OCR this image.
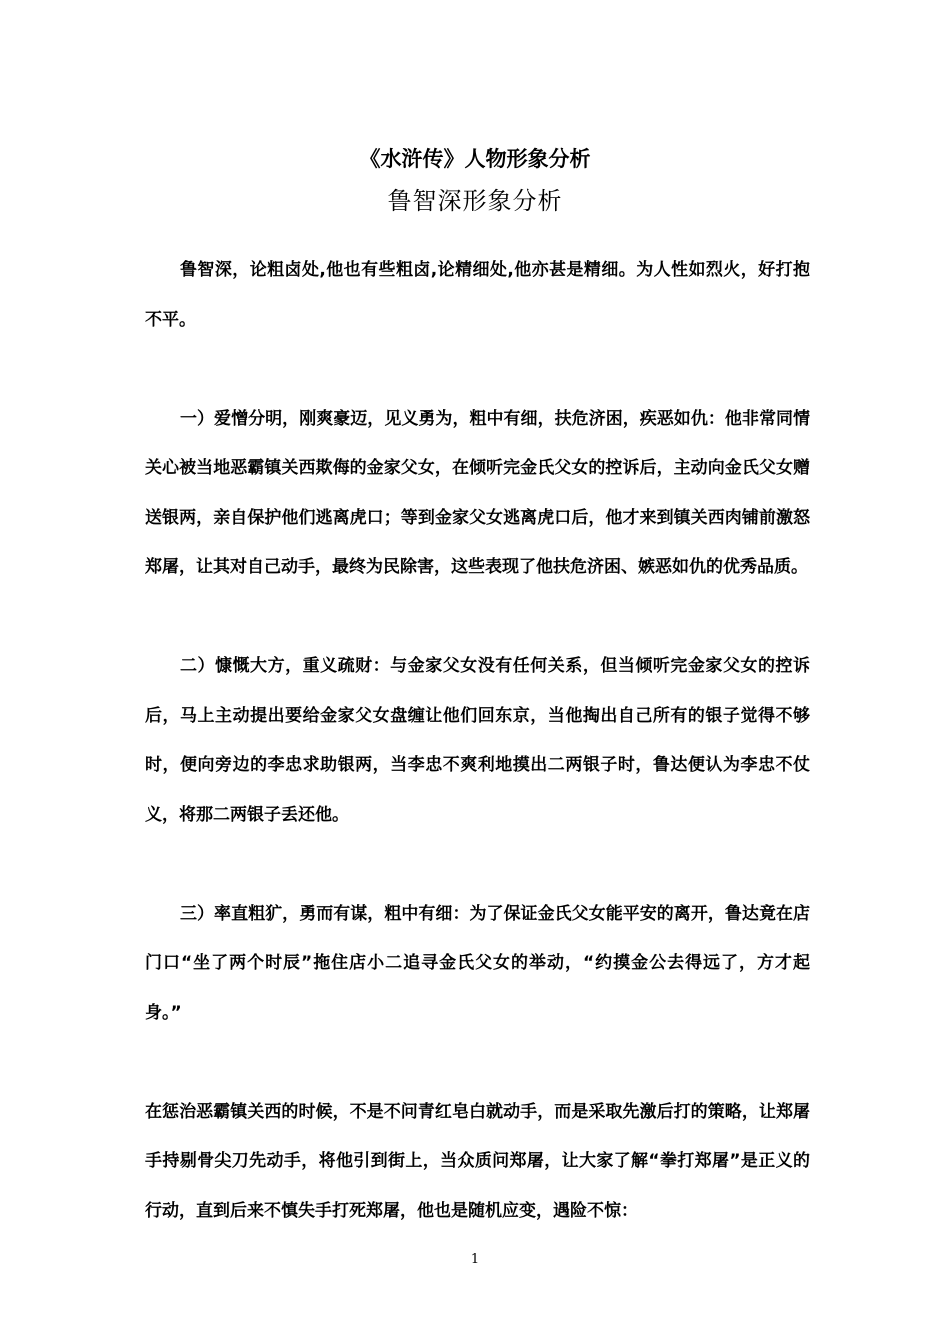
《水浒传》人物形象分析
鲁智深形象分析

鲁智深，论粗卤处,他也有些粗卤,论精细处,他亦甚是精细。为人性如烈火，好打抱不平。

一）爱憎分明，刚爽豪迈，见义勇为，粗中有细，扶危济困，疾恶如仇：他非常同情关心被当地恶霸镇关西欺侮的金家父女，在倾听完金氏父女的控诉后，主动向金氏父女赠送银两，亲自保护他们逃离虎口；等到金家父女逃离虎口后，他才来到镇关西肉铺前激怒郑屠，让其对自己动手，最终为民除害，这些表现了他扶危济困、嫉恶如仇的优秀品质。

二）慷慨大方，重义疏财：与金家父女没有任何关系，但当倾听完金家父女的控诉后，马上主动提出要给金家父女盘缠让他们回东京，当他掏出自己所有的银子觉得不够时，便向旁边的李忠求助银两，当李忠不爽利地摸出二两银子时，鲁达便认为李忠不仗义，将那二两银子丢还他。

三）率直粗犷，勇而有谋，粗中有细：为了保证金氏父女能平安的离开，鲁达竟在店门口“坐了两个时辰”拖住店小二追寻金氏父女的举动，“约摸金公去得远了，方才起身。”

在惩治恶霸镇关西的时候，不是不问青红皂白就动手，而是采取先激后打的策略，让郑屠手持剔骨尖刀先动手，将他引到街上，当众质问郑屠，让大家了解“拳打郑屠”是正义的行动，直到后来不慎失手打死郑屠，他也是随机应变，遇险不惊：

1
